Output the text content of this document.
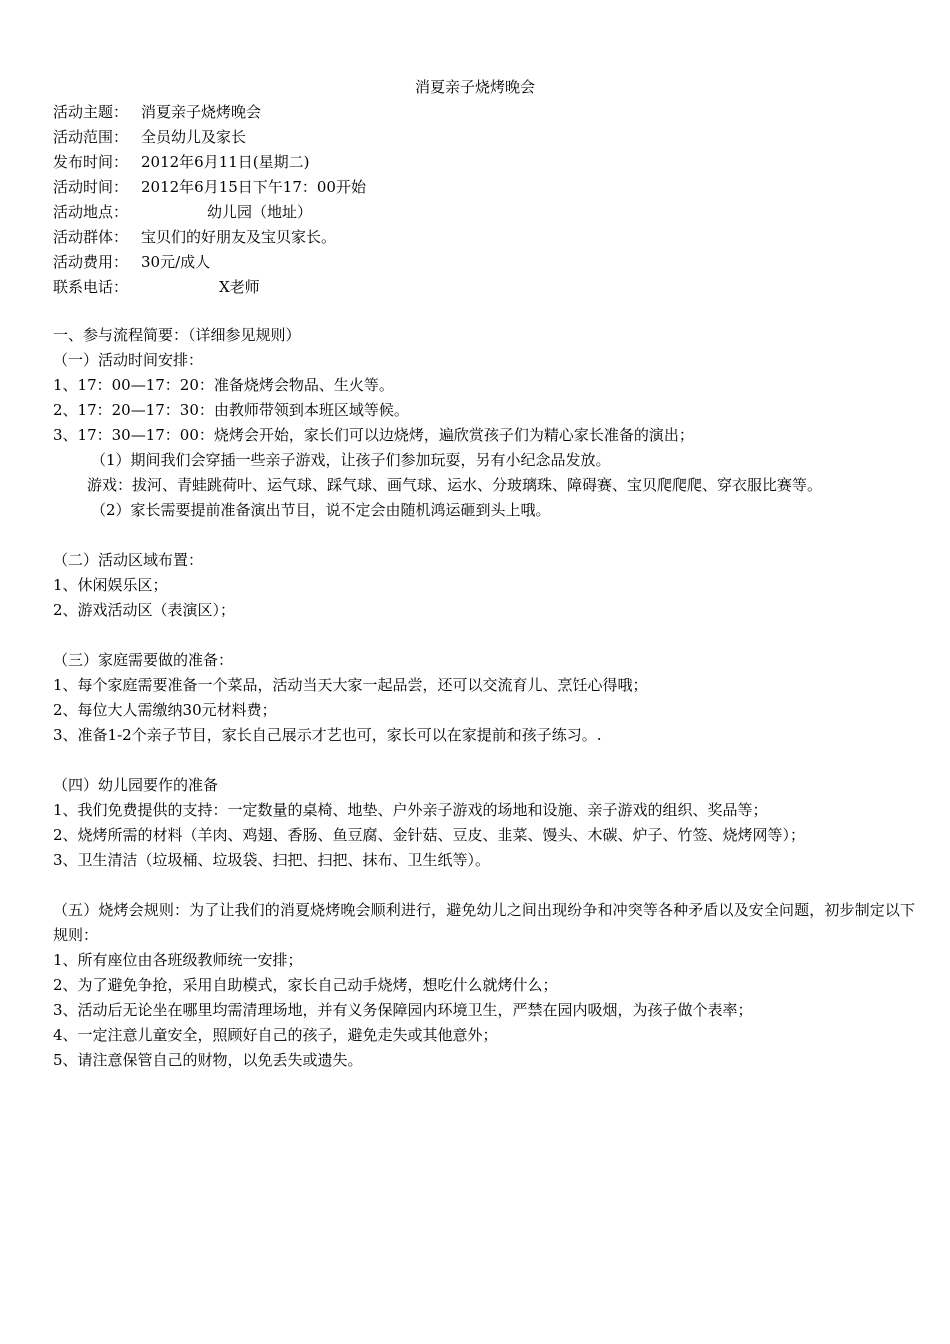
消夏亲子烧烤晚会
活动主题： 消夏亲子烧烤晚会
活动范围： 全员幼儿及家长
发布时间： 2012年6月11日(星期二)
活动时间： 2012年6月15日下午17：00开始
活动地点：	幼儿园（地址）
活动群体： 宝贝们的好朋友及宝贝家长。
活动费用： 30元/成人
联系电话：	X老师
一、参与流程简要：（详细参见规则）
（一）活动时间安排：
1、17：00—17：20：准备烧烤会物品、生火等。
2、17：20—17：30：由教师带领到本班区域等候。
3、17：30—17：00：烧烤会开始，家长们可以边烧烤，遍欣赏孩子们为精心家长准备的演出；
（1）期间我们会穿插一些亲子游戏，让孩子们参加玩耍，另有小纪念品发放。
游戏：拔河、青蛙跳荷叶、运气球、踩气球、画气球、运水、分玻璃珠、障碍赛、宝贝爬爬爬、穿衣服比赛等。
（2）家长需要提前准备演出节目，说不定会由随机鸿运砸到头上哦。
（二）活动区域布置：
1、休闲娱乐区；
2、游戏活动区（表演区）；
（三）家庭需要做的准备：
1、每个家庭需要准备一个菜品，活动当天大家一起品尝，还可以交流育儿、烹饪心得哦；
2、每位大人需缴纳30元材料费；
3、准备1-2个亲子节目，家长自己展示才艺也可，家长可以在家提前和孩子练习。.
（四）幼儿园要作的准备
1、我们免费提供的支持：一定数量的桌椅、地垫、户外亲子游戏的场地和设施、亲子游戏的组织、奖品等；
2、烧烤所需的材料（羊肉、鸡翅、香肠、鱼豆腐、金针菇、豆皮、韭菜、馒头、木碳、炉子、竹签、烧烤网等）；
3、卫生清洁（垃圾桶、垃圾袋、扫把、扫把、抹布、卫生纸等）。
（五）烧烤会规则：为了让我们的消夏烧烤晚会顺利进行，避免幼儿之间出现纷争和冲突等各种矛盾以及安全问题，初步制定以下规则：
1、所有座位由各班级教师统一安排；
2、为了避免争抢，采用自助模式，家长自己动手烧烤，想吃什么就烤什么；
3、活动后无论坐在哪里均需清理场地，并有义务保障园内环境卫生，严禁在园内吸烟，为孩子做个表率；
4、一定注意儿童安全，照顾好自己的孩子，避免走失或其他意外；
5、请注意保管自己的财物，以免丢失或遗失。
